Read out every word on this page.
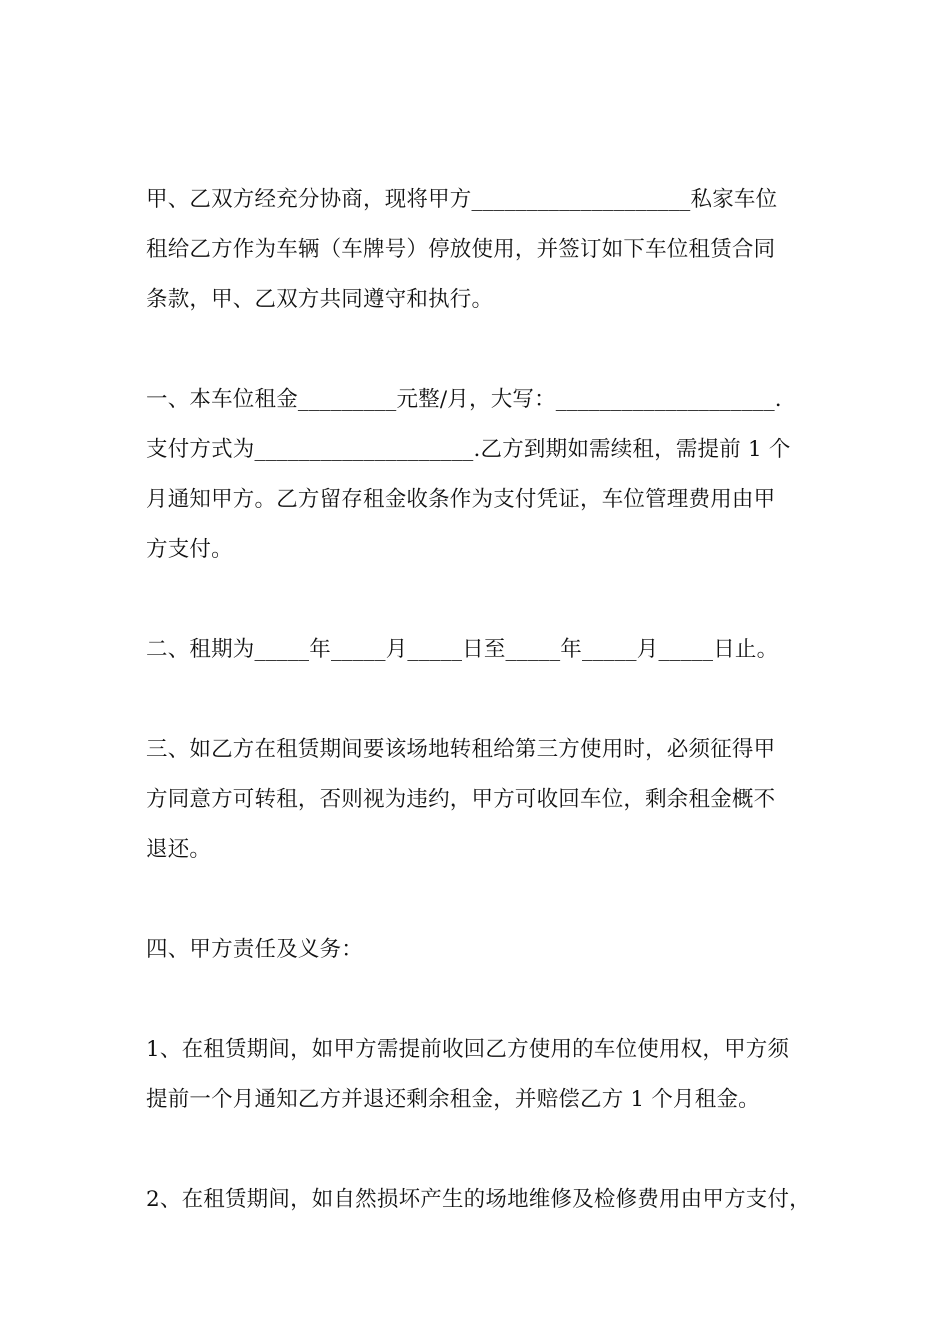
甲、乙双方经充分协商，现将甲方____________________私家车位
租给乙方作为车辆（车牌号）停放使用，并签订如下车位租赁合同
条款，甲、乙双方共同遵守和执行。
一、本车位租金_________元整/月，大写：____________________.
支付方式为____________________.乙方到期如需续租，需提前 1 个
月通知甲方。乙方留存租金收条作为支付凭证，车位管理费用由甲
方支付。
二、租期为_____年_____月_____日至_____年_____月_____日止。
三、如乙方在租赁期间要该场地转租给第三方使用时，必须征得甲
方同意方可转租，否则视为违约，甲方可收回车位，剩余租金概不
退还。
四、甲方责任及义务：
1、在租赁期间，如甲方需提前收回乙方使用的车位使用权，甲方须
提前一个月通知乙方并退还剩余租金，并赔偿乙方 1 个月租金。
2、在租赁期间，如自然损坏产生的场地维修及检修费用由甲方支付，
